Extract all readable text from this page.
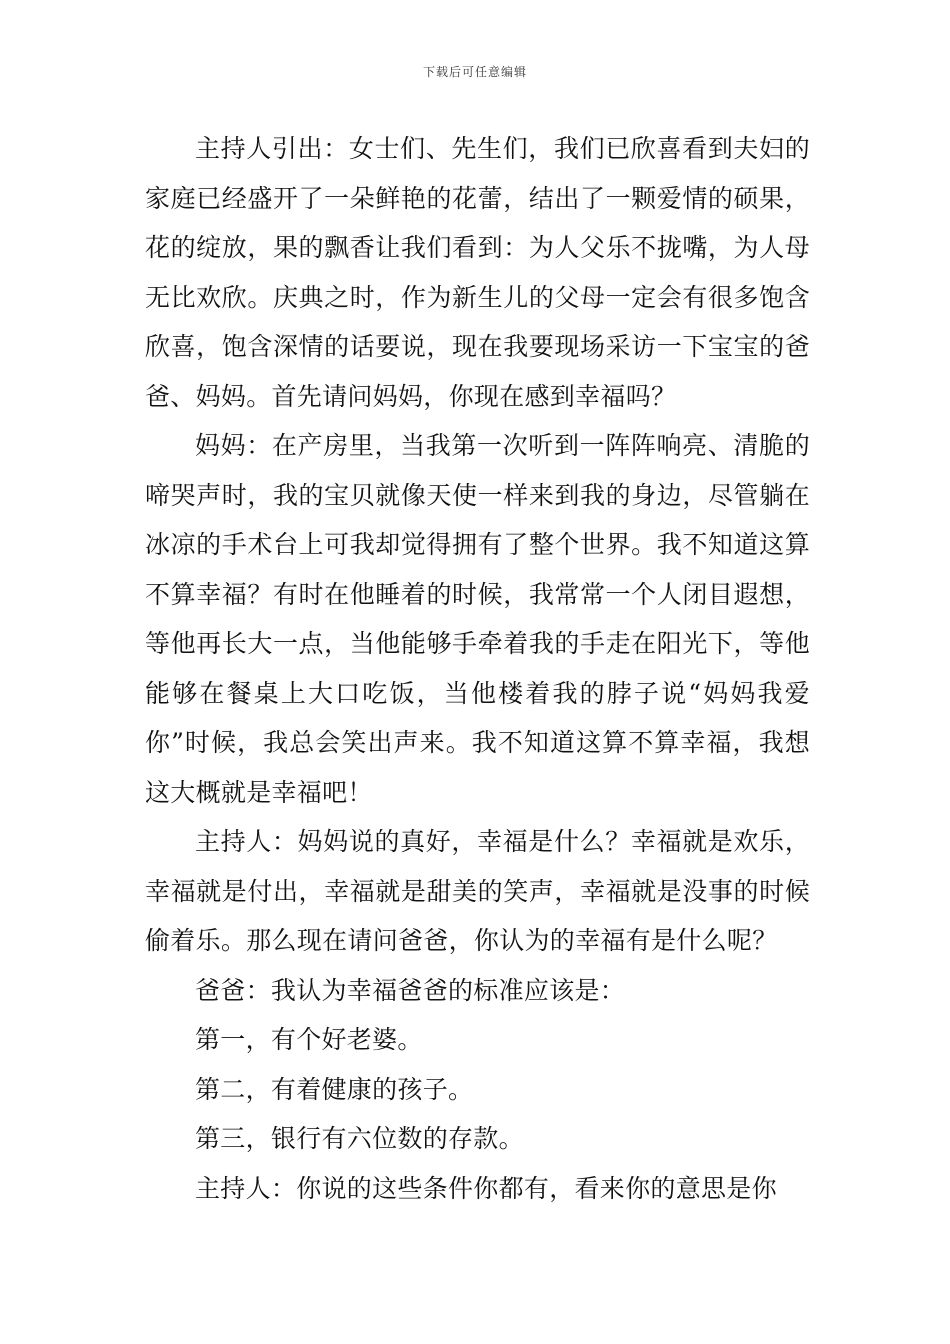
下载后可任意编辑

主持人引出：女士们、先生们，我们已欣喜看到夫妇的家庭已经盛开了一朵鲜艳的花蕾，结出了一颗爱情的硕果，花的绽放，果的飘香让我们看到：为人父乐不拢嘴，为人母无比欢欣。庆典之时，作为新生儿的父母一定会有很多饱含欣喜，饱含深情的话要说，现在我要现场采访一下宝宝的爸爸、妈妈。首先请问妈妈，你现在感到幸福吗？

妈妈：在产房里，当我第一次听到一阵阵响亮、清脆的啼哭声时，我的宝贝就像天使一样来到我的身边，尽管躺在冰凉的手术台上可我却觉得拥有了整个世界。我不知道这算不算幸福？有时在他睡着的时候，我常常一个人闭目遐想，等他再长大一点，当他能够手牵着我的手走在阳光下，等他能够在餐桌上大口吃饭，当他楼着我的脖子说“妈妈我爱你”时候，我总会笑出声来。我不知道这算不算幸福，我想这大概就是幸福吧！

主持人：妈妈说的真好，幸福是什么？幸福就是欢乐，幸福就是付出，幸福就是甜美的笑声，幸福就是没事的时候偷着乐。那么现在请问爸爸，你认为的幸福有是什么呢？

爸爸：我认为幸福爸爸的标准应该是：

第一，有个好老婆。

第二，有着健康的孩子。

第三，银行有六位数的存款。

主持人：你说的这些条件你都有，看来你的意思是你
